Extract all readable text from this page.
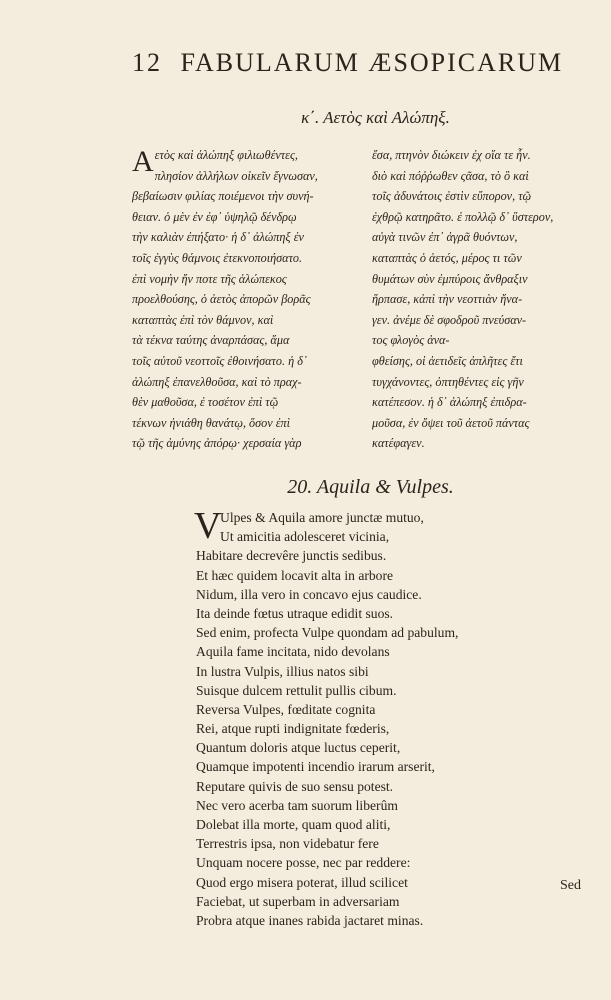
12 FABULARUM ÆSOPICARUM
κ΄. Αετὸς καὶ Αλώπηξ.
A ετὸς καὶ ἀλώπηξ φιλιωθέντες,
πλησίον ἀλλήλων οἰκεῖν ἔγνωσαν,
βεβαίωσιν φιλίας ποιέμενοι τὴν συνή-
θειαν. ὁ μὲν ἐν ἐφ᾽ ὑψηλῷ δένδρῳ
τὴν καλιὰν ἐπήξατο· ἡ δ᾽ ἀλώπηξ ἐν
τοῖς ἐγγὺς θάμνοις ἐτεκνοποιήσατο.
ἐπὶ νομὴν ἤν ποτε τῆς ἀλώπεκος
προελθούσης, ὁ ἀετὸς ἀπορῶν βορᾶς
καταπτὰς ἐπὶ τὸν θάμνον, καὶ
τὰ τέκνα ταύτης ἀναρπάσας, ἅμα
τοῖς αὐτοῦ νεοττοῖς ἐθοινήσατο. ἡ δ᾽
ἀλώπηξ ἐπανελθοῦσα, καὶ τὸ πραχ-
θὲν μαθοῦσα, ἐ τοσέτον ἐπὶ τῷ
τέκνων ἠνιάθη θανάτῳ, ὅσον ἐπὶ
τῷ τῆς ἀμύνης ἀπόρῳ· χερσαία γὰρ
ἔσα, πτηνὸν διώκειν ἐχ οἵα τε ἦν.
διὸ καὶ πόῤῥωθεν ςᾶσα, τὸ ὃ καὶ
τοῖς ἀδυνάτοις ἐστὶν εὔπορον, τῷ
ἐχθρῷ κατηρᾶτο. ἐ πολλῷ δ᾽ ὕστερον,
αὐγὰ τινῶν ἐπ᾽ ἀγρᾶ θυόντων,
καταπτὰς ὁ ἀετός, μέρος τι τῶν
θυμάτων σὺν ἐμπύροις ἄνθραξιν
ἥρπασε, κἀπὶ τὴν νεοττιὰν ἤνα-
γεν. ἀνέμε δὲ σφοδροῦ πνεύσαν-
τος φλογὸς ἀνα-
φθείσης, οἱ ἀετιδεῖς ἀπλῆτες ἔτι
τυγχάνοντες, ὀπτηθέντες εἰς γῆν
κατέπεσον. ἡ δ᾽ ἀλώπηξ ἐπιδρα-
μοῦσα, ἐν ὄψει τοῦ ἀετοῦ πάντας
κατέφαγεν.
20. Aquila & Vulpes.
V
Ulpes & Aquila amore junctæ mutuo,
Ut amicitia adolesceret vicinia,
Habitare decrevêre junctis sedibus.
Et hæc quidem locavit alta in arbore
Nidum, illa vero in concavo ejus caudice.
Ita deinde fœtus utraque edidit suos.
Sed enim, profecta Vulpe quondam ad pabulum,
Aquila fame incitata, nido devolans
In lustra Vulpis, illius natos sibi
Suisque dulcem rettulit pullis cibum.
Reversa Vulpes, fœditate cognita
Rei, atque rupti indignitate fœderis,
Quantum doloris atque luctus ceperit,
Quamque impotenti incendio irarum arserit,
Reputare quivis de suo sensu potest.
Nec vero acerba tam suorum liberûm
Dolebat illa morte, quam quod aliti,
Terrestris ipsa, non videbatur fere
Unquam nocere posse, nec par reddere:
Quod ergo misera poterat, illud scilicet
Faciebat, ut superbam in adversariam
Probra atque inanes rabida jactaret minas.
Sed
